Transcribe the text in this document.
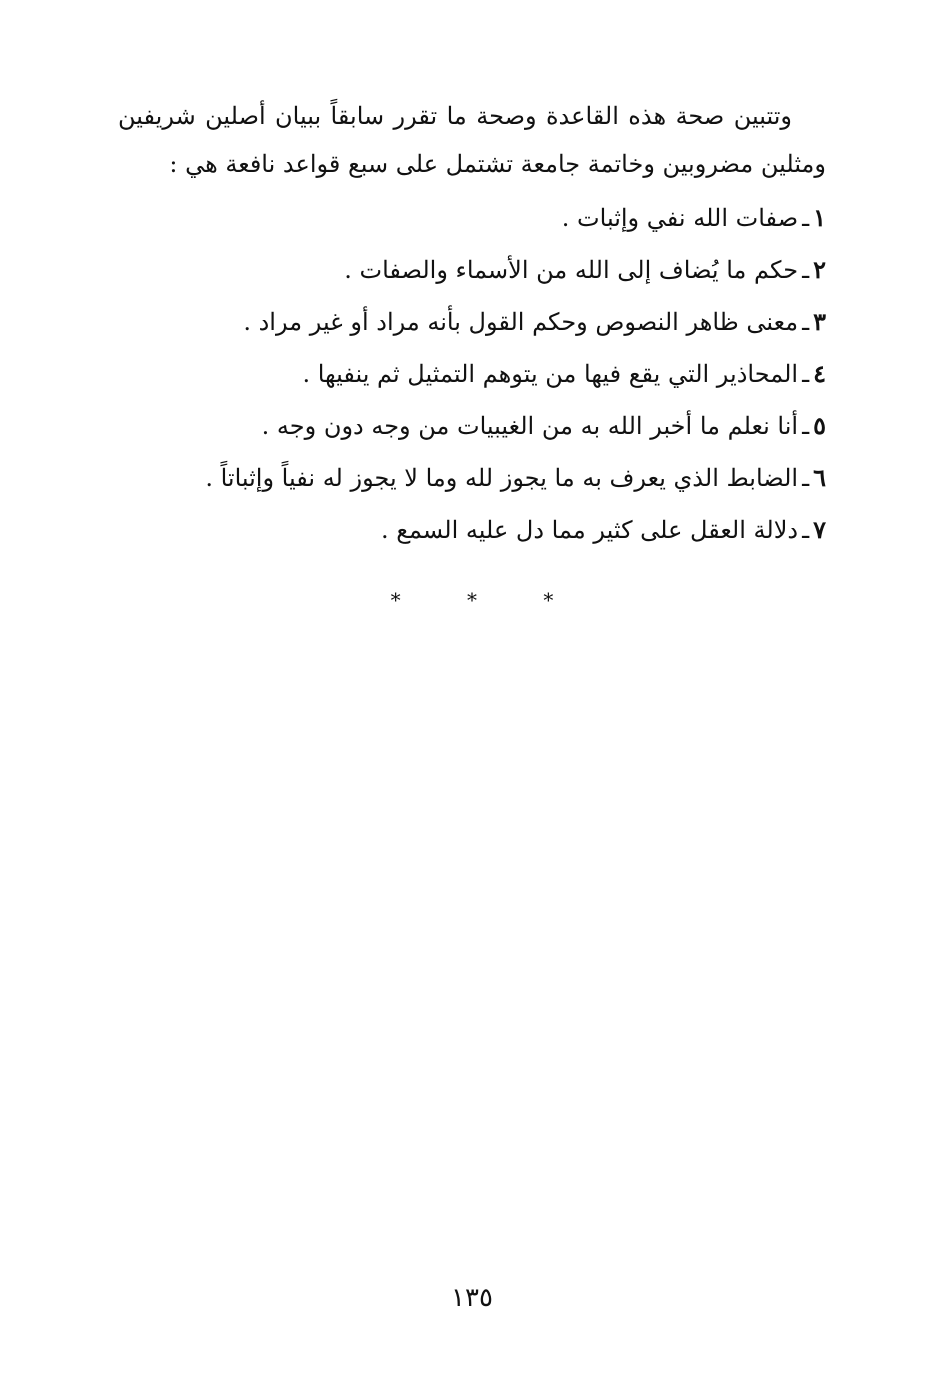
وتتبين صحة هذه القاعدة وصحة ما تقرر سابقاً ببيان أصلين شريفين ومثلين مضروبين وخاتمة جامعة تشتمل على سبع قواعد نافعة هي :

١ـصفات الله نفي وإثبات .
٢ـحكم ما يُضاف إلى الله من الأسماء والصفات .
٣ـمعنى ظاهر النصوص وحكم القول بأنه مراد أو غير مراد .
٤ـالمحاذير التي يقع فيها من يتوهم التمثيل ثم ينفيها .
٥ـأنا نعلم ما أخبر الله به من الغيبيات من وجه دون وجه .
٦ـالضابط الذي يعرف به ما يجوز لله وما لا يجوز له نفياً وإثباتاً .
٧ـدلالة العقل على كثير مما دل عليه السمع .
* * *
١٣٥
